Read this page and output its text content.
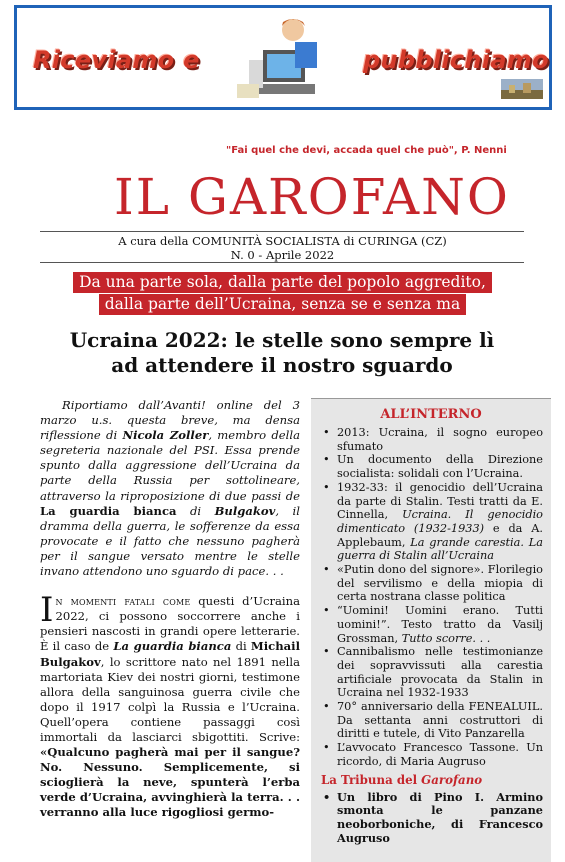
Riceviamo e	pubblichiamo
"Fai quel che devi, accada quel che può", P. Nenni
IL GAROFANO
A cura della COMUNITÀ SOCIALISTA di CURINGA (CZ)
N. 0 - Aprile 2022
Da una parte sola, dalla parte del popolo aggredito,
dalla parte dell’Ucraina, senza se e senza ma
Ucraina 2022: le stelle sono sempre lì
ad attendere il nostro sguardo

Riportiamo dall’Avanti! online del 3 marzo u.s. questa breve, ma densa riflessione di Nicola Zoller, membro della segreteria nazionale del PSI. Essa prende spunto dalla aggressione dell’Ucraina da parte della Russia per sottolineare, attraverso la riproposizione di due passi de La guardia bianca di Bulgakov, il dramma della guerra, le sofferenze da essa provocate e il fatto che nessuno pagherà per il sangue versato mentre le stelle invano attendono uno sguardo di pace. . .

In momenti fatali come questi d’Ucraina 2022, ci possono soccorrere anche i pensieri nascosti in grandi opere letterarie. È il caso de La guardia bianca di Michail Bulgakov, lo scrittore nato nel 1891 nella martoriata Kiev dei nostri giorni, testimone allora della sanguinosa guerra civile che dopo il 1917 colpì la Russia e l’Ucraina. Quell’opera contiene passaggi così immortali da lasciarci sbigottiti. Scrive: «Qualcuno pagherà mai per il sangue? No. Nessuno. Semplicemente, si scioglierà la neve, spunterà l’erba verde d’Ucraina, avvinghierà la terra. . . verranno alla luce rigogliosi germo-

ALL’INTERNO
• 2013: Ucraina, il sogno europeo sfumato
• Un documento della Direzione socialista: solidali con l’Ucraina.
• 1932-33: il genocidio dell’Ucraina da parte di Stalin. Testi tratti da E. Cinnella, Ucraina. Il genocidio dimenticato (1932-1933) e da A. Applebaum, La grande carestia. La guerra di Stalin all’Ucraina
• «Putin dono del signore». Florilegio del servilismo e della miopia di certa nostrana classe politica
• “Uomini! Uomini erano. Tutti uomini!”. Testo tratto da Vasilj Grossman, Tutto scorre. . .
• Cannibalismo nelle testimonianze dei sopravvissuti alla carestia artificiale provocata da Stalin in Ucraina nel 1932-1933
• 70° anniversario della FENEALUIL. Da settanta anni costruttori di diritti e tutele, di Vito Panzarella
• L’avvocato Francesco Tassone. Un ricordo, di Maria Augruso
La Tribuna del Garofano
• Un libro di Pino I. Armino smonta le panzane neoborboniche, di Francesco Augruso
